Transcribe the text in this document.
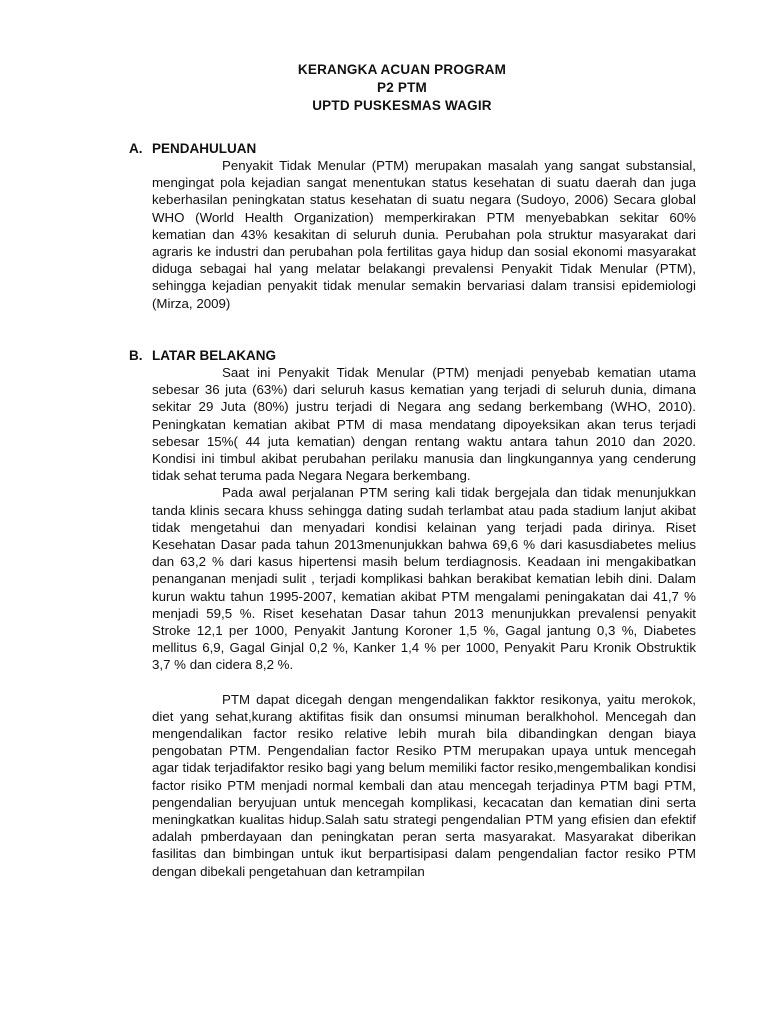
KERANGKA ACUAN PROGRAM
P2 PTM
UPTD PUSKESMAS WAGIR
A. PENDAHULUAN

Penyakit Tidak Menular (PTM) merupakan masalah yang sangat substansial, mengingat pola kejadian sangat menentukan status kesehatan di suatu daerah dan juga keberhasilan peningkatan status kesehatan di suatu negara (Sudoyo, 2006) Secara global WHO (World Health Organization) memperkirakan PTM menyebabkan sekitar 60% kematian dan 43% kesakitan di seluruh dunia. Perubahan pola struktur masyarakat dari agraris ke industri dan perubahan pola fertilitas gaya hidup dan sosial ekonomi masyarakat diduga sebagai hal yang melatar belakangi prevalensi Penyakit Tidak Menular (PTM), sehingga kejadian penyakit tidak menular semakin bervariasi dalam transisi epidemiologi (Mirza, 2009)

B. LATAR BELAKANG

Saat ini Penyakit Tidak Menular (PTM) menjadi penyebab kematian utama sebesar 36 juta (63%) dari seluruh kasus kematian yang terjadi di seluruh dunia, dimana sekitar 29 Juta (80%) justru terjadi di Negara ang sedang berkembang (WHO, 2010). Peningkatan kematian akibat PTM di masa mendatang dipoyeksikan akan terus terjadi sebesar 15%( 44 juta kematian) dengan rentang waktu antara tahun 2010 dan 2020. Kondisi ini timbul akibat perubahan perilaku manusia dan lingkungannya yang cenderung tidak sehat teruma pada Negara Negara berkembang.

Pada awal perjalanan PTM sering kali tidak bergejala dan tidak menunjukkan tanda klinis secara khuss sehingga dating sudah terlambat atau pada stadium lanjut akibat tidak mengetahui dan menyadari kondisi kelainan yang terjadi pada dirinya. Riset Kesehatan Dasar pada tahun 2013menunjukkan bahwa 69,6 % dari kasusdiabetes melius dan 63,2 % dari kasus hipertensi masih belum terdiagnosis. Keadaan ini mengakibatkan penanganan menjadi sulit , terjadi komplikasi bahkan berakibat kematian lebih dini. Dalam kurun waktu tahun 1995-2007, kematian akibat PTM mengalami peningakatan dai 41,7 % menjadi 59,5 %. Riset kesehatan Dasar tahun 2013 menunjukkan prevalensi penyakit Stroke 12,1 per 1000, Penyakit Jantung Koroner 1,5 %, Gagal jantung 0,3 %, Diabetes mellitus 6,9, Gagal Ginjal 0,2 %, Kanker 1,4 % per 1000, Penyakit Paru Kronik Obstruktik 3,7 % dan cidera 8,2 %.

PTM dapat dicegah dengan mengendalikan fakktor resikonya, yaitu merokok, diet yang sehat,kurang aktifitas fisik dan onsumsi minuman beralkhohol. Mencegah dan mengendalikan factor resiko relative lebih murah bila dibandingkan dengan biaya pengobatan PTM. Pengendalian factor Resiko PTM merupakan upaya untuk mencegah agar tidak terjadifaktor resiko bagi yang belum memiliki factor resiko,mengembalikan kondisi factor risiko PTM menjadi normal kembali dan atau mencegah terjadinya PTM bagi PTM, pengendalian beryujuan untuk mencegah komplikasi, kecacatan dan kematian dini serta meningkatkan kualitas hidup.Salah satu strategi pengendalian PTM yang efisien dan efektif adalah pmberdayaan dan peningkatan peran serta masyarakat. Masyarakat diberikan fasilitas dan bimbingan untuk ikut berpartisipasi dalam pengendalian factor resiko PTM dengan dibekali pengetahuan dan ketrampilan
